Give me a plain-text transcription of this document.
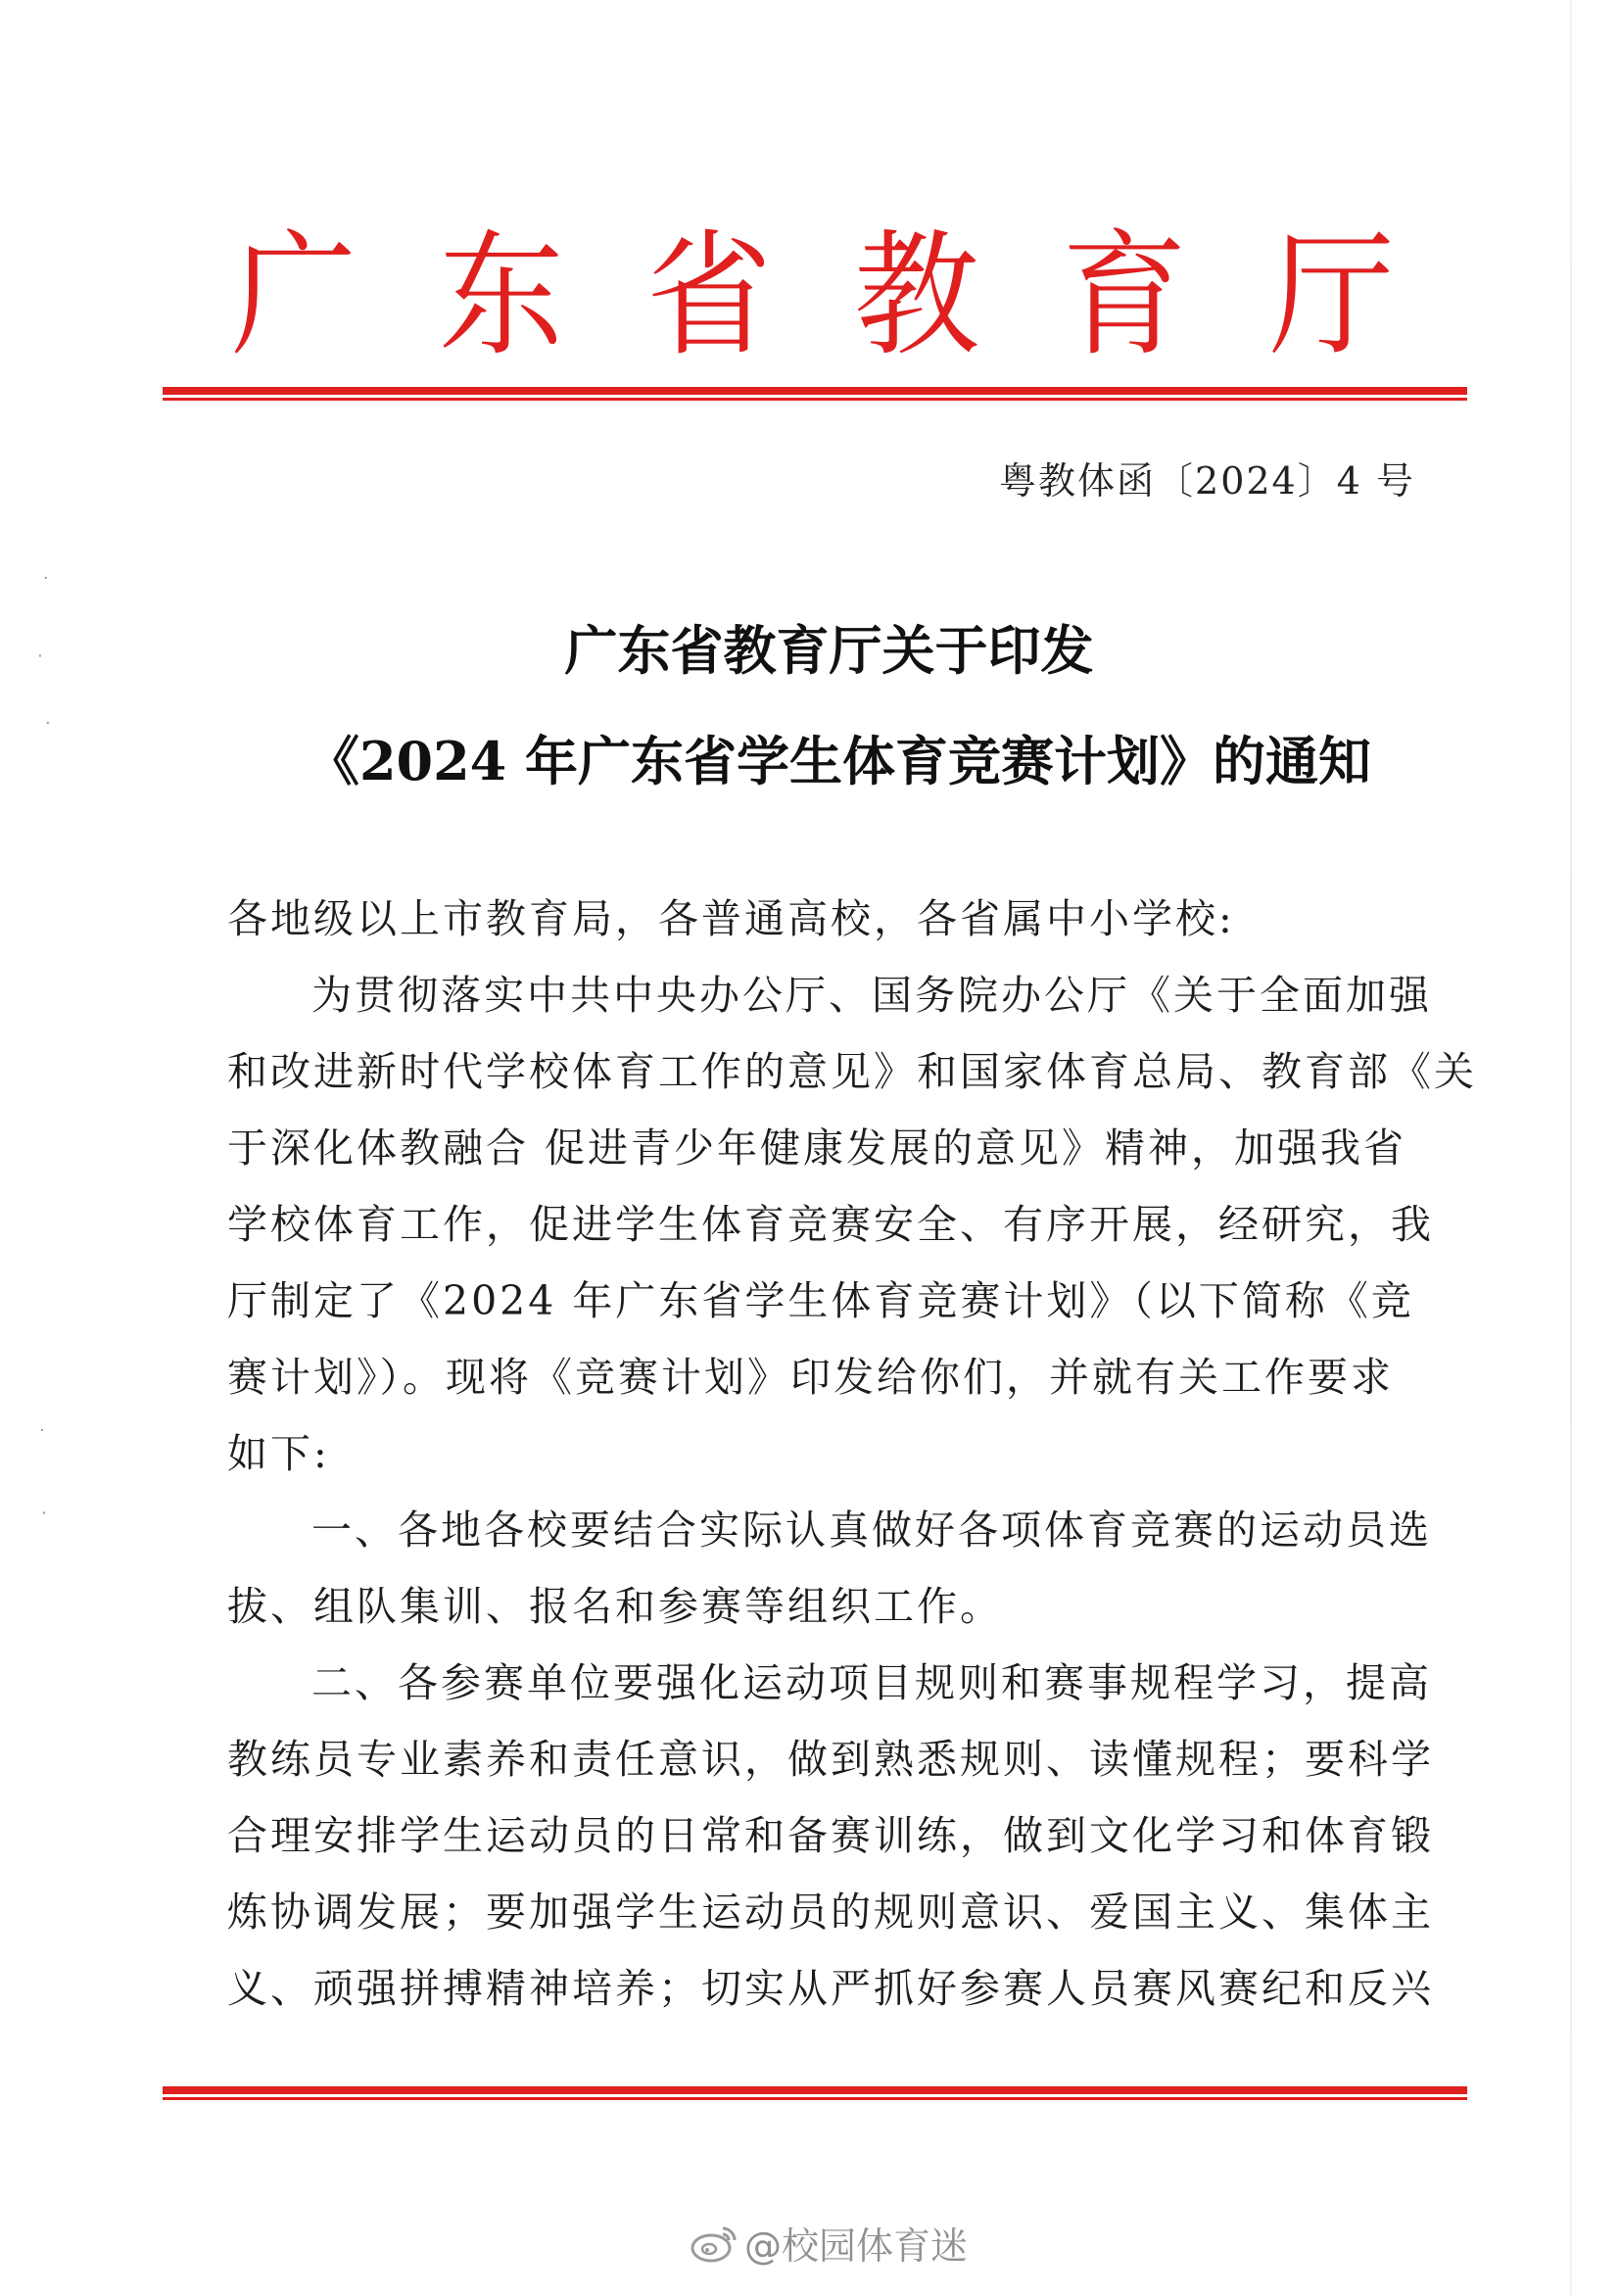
·
‧
·
·
‧
广 东 省 教 育 厅
粤教体函〔2024〕4 号
广东省教育厅关于印发
《2024 年广东省学生体育竞赛计划》的通知
各地级以上市教育局，各普通高校，各省属中小学校:
为贯彻落实中共中央办公厅、国务院办公厅《关于全面加强
和改进新时代学校体育工作的意见》和国家体育总局、教育部《关
于深化体教融合 促进青少年健康发展的意见》精神，加强我省
学校体育工作，促进学生体育竞赛安全、有序开展，经研究，我
厅制定了《2024 年广东省学生体育竞赛计划》（以下简称《竞
赛计划》）。现将《竞赛计划》印发给你们，并就有关工作要求
如下:
一、各地各校要结合实际认真做好各项体育竞赛的运动员选
拔、组队集训、报名和参赛等组织工作。
二、各参赛单位要强化运动项目规则和赛事规程学习，提高
教练员专业素养和责任意识，做到熟悉规则、读懂规程；要科学
合理安排学生运动员的日常和备赛训练，做到文化学习和体育锻
炼协调发展；要加强学生运动员的规则意识、爱国主义、集体主
义、顽强拼搏精神培养；切实从严抓好参赛人员赛风赛纪和反兴
@校园体育迷
